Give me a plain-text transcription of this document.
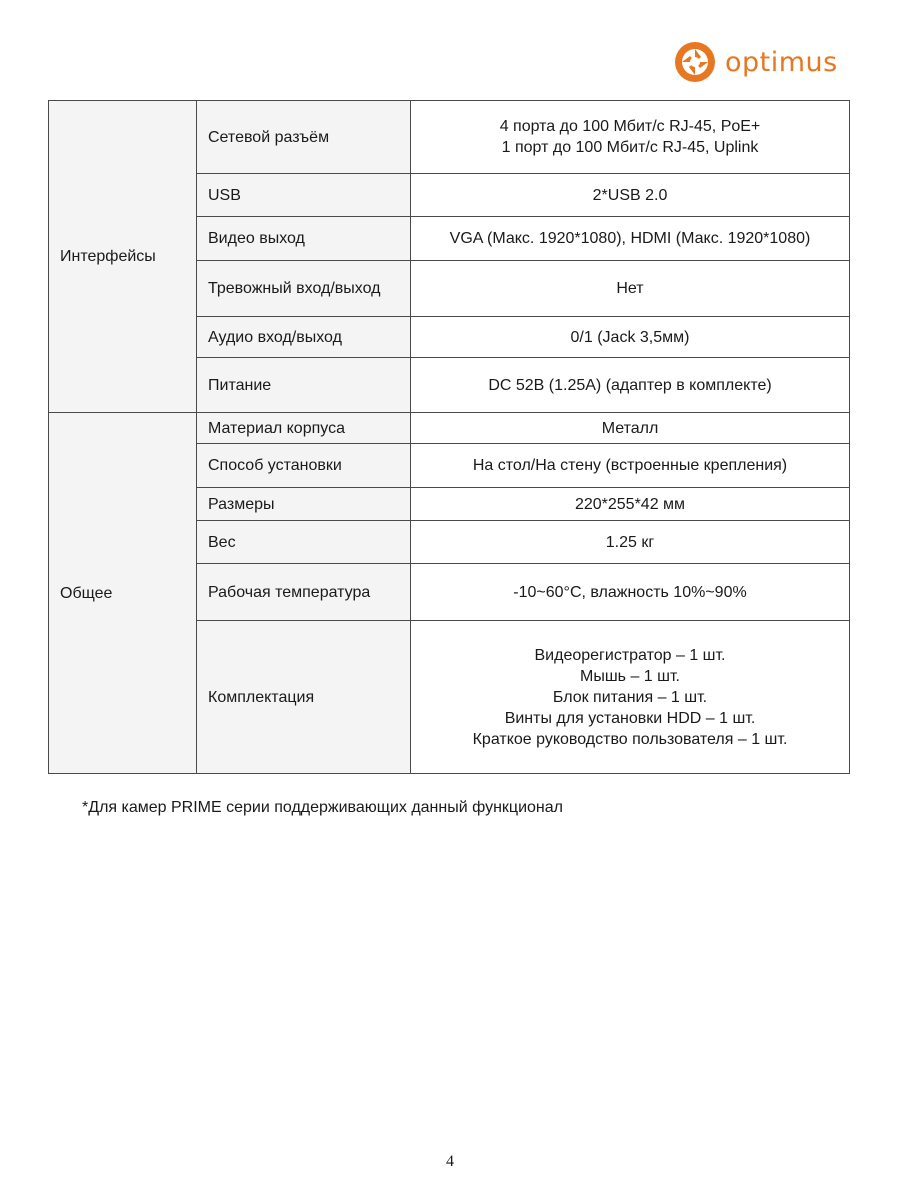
optimus
Интерфейсы	Сетевой разъём	4 порта до 100 Мбит/с RJ-45, PoE+
1 порт до 100 Мбит/с RJ-45, Uplink

	USB	2*USB 2.0
	Видео выход	VGA (Макс. 1920*1080), HDMI (Макс. 1920*1080)
	Тревожный вход/выход	Нет
	Аудио вход/выход	0/1 (Jack 3,5мм)
	Питание	DC 52В (1.25А) (адаптер в комплекте)
Общее	Материал корпуса	Металл
	Способ установки	На стол/На стену (встроенные крепления)
	Размеры	220*255*42 мм
	Вес	1.25 кг
	Рабочая температура	-10~60°C, влажность 10%~90%
	Комплектация	Видеорегистратор – 1 шт.
Мышь – 1 шт.
Блок питания – 1 шт.
Винты для установки HDD – 1 шт.
Краткое руководство пользователя – 1 шт.
*Для камер PRIME серии поддерживающих данный функционал
4
